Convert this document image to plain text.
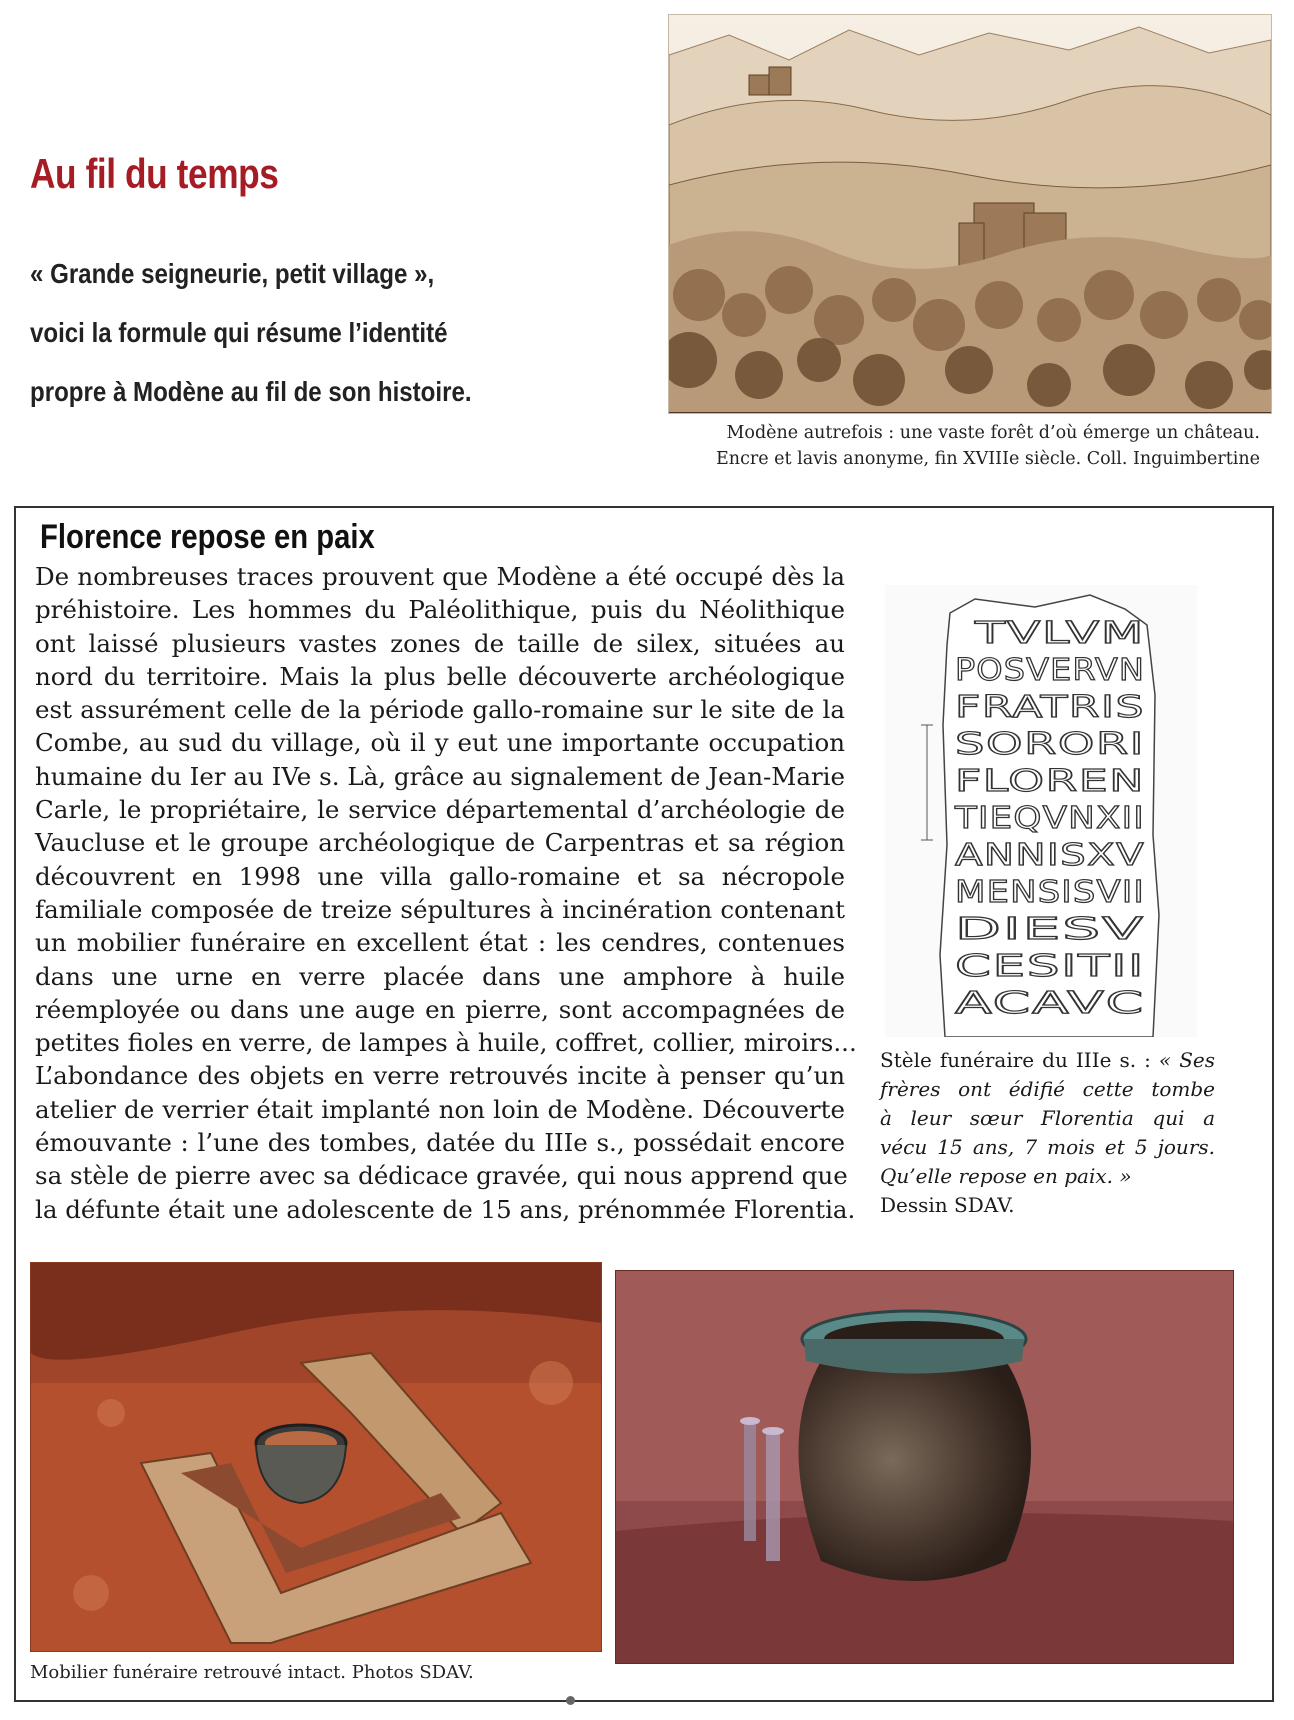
Au fil du temps
« Grande seigneurie, petit village »,
voici la formule qui résume l’identité
propre à Modène au fil de son histoire.
Modène autrefois : une vaste forêt d’où émerge un château.
Encre et lavis anonyme, fin XVIIIe siècle. Coll. Inguimbertine
Florence repose en paix
De nombreuses traces prouvent que Modène a été occupé dès la
préhistoire. Les hommes du Paléolithique, puis du Néolithique
ont laissé plusieurs vastes zones de taille de silex, situées au
nord du territoire. Mais la plus belle découverte archéologique
est assurément celle de la période gallo-romaine sur le site de la
Combe, au sud du village, où il y eut une importante occupation
humaine du Ier au IVe s. Là, grâce au signalement de Jean-Marie
Carle, le propriétaire, le service départemental d’archéologie de
Vaucluse et le groupe archéologique de Carpentras et sa région
découvrent en 1998 une villa gallo-romaine et sa nécropole
familiale composée de treize sépultures à incinération contenant
un mobilier funéraire en excellent état : les cendres, contenues
dans une urne en verre placée dans une amphore à huile
réemployée ou dans une auge en pierre, sont accompagnées de
petites fioles en verre, de lampes à huile, coffret, collier, miroirs...
L’abondance des objets en verre retrouvés incite à penser qu’un
atelier de verrier était implanté non loin de Modène. Découverte
émouvante : l’une des tombes, datée du IIIe s., possédait encore
sa stèle de pierre avec sa dédicace gravée, qui nous apprend que
la défunte était une adolescente de 15 ans, prénommée Florentia.
TVLVM
POSVERVN
FRATRIS
SORORI
FLOREN
TIEQVNXII
ANNISXV
MENSISVII
DIESV
CESITII
ACAVC
Stèle funéraire du IIIe s. : « Ses
frères ont édifié cette tombe
à leur sœur Florentia qui a
vécu 15 ans, 7 mois et 5 jours.
Qu’elle repose en paix. »
Dessin SDAV.
Mobilier funéraire retrouvé intact. Photos SDAV.
